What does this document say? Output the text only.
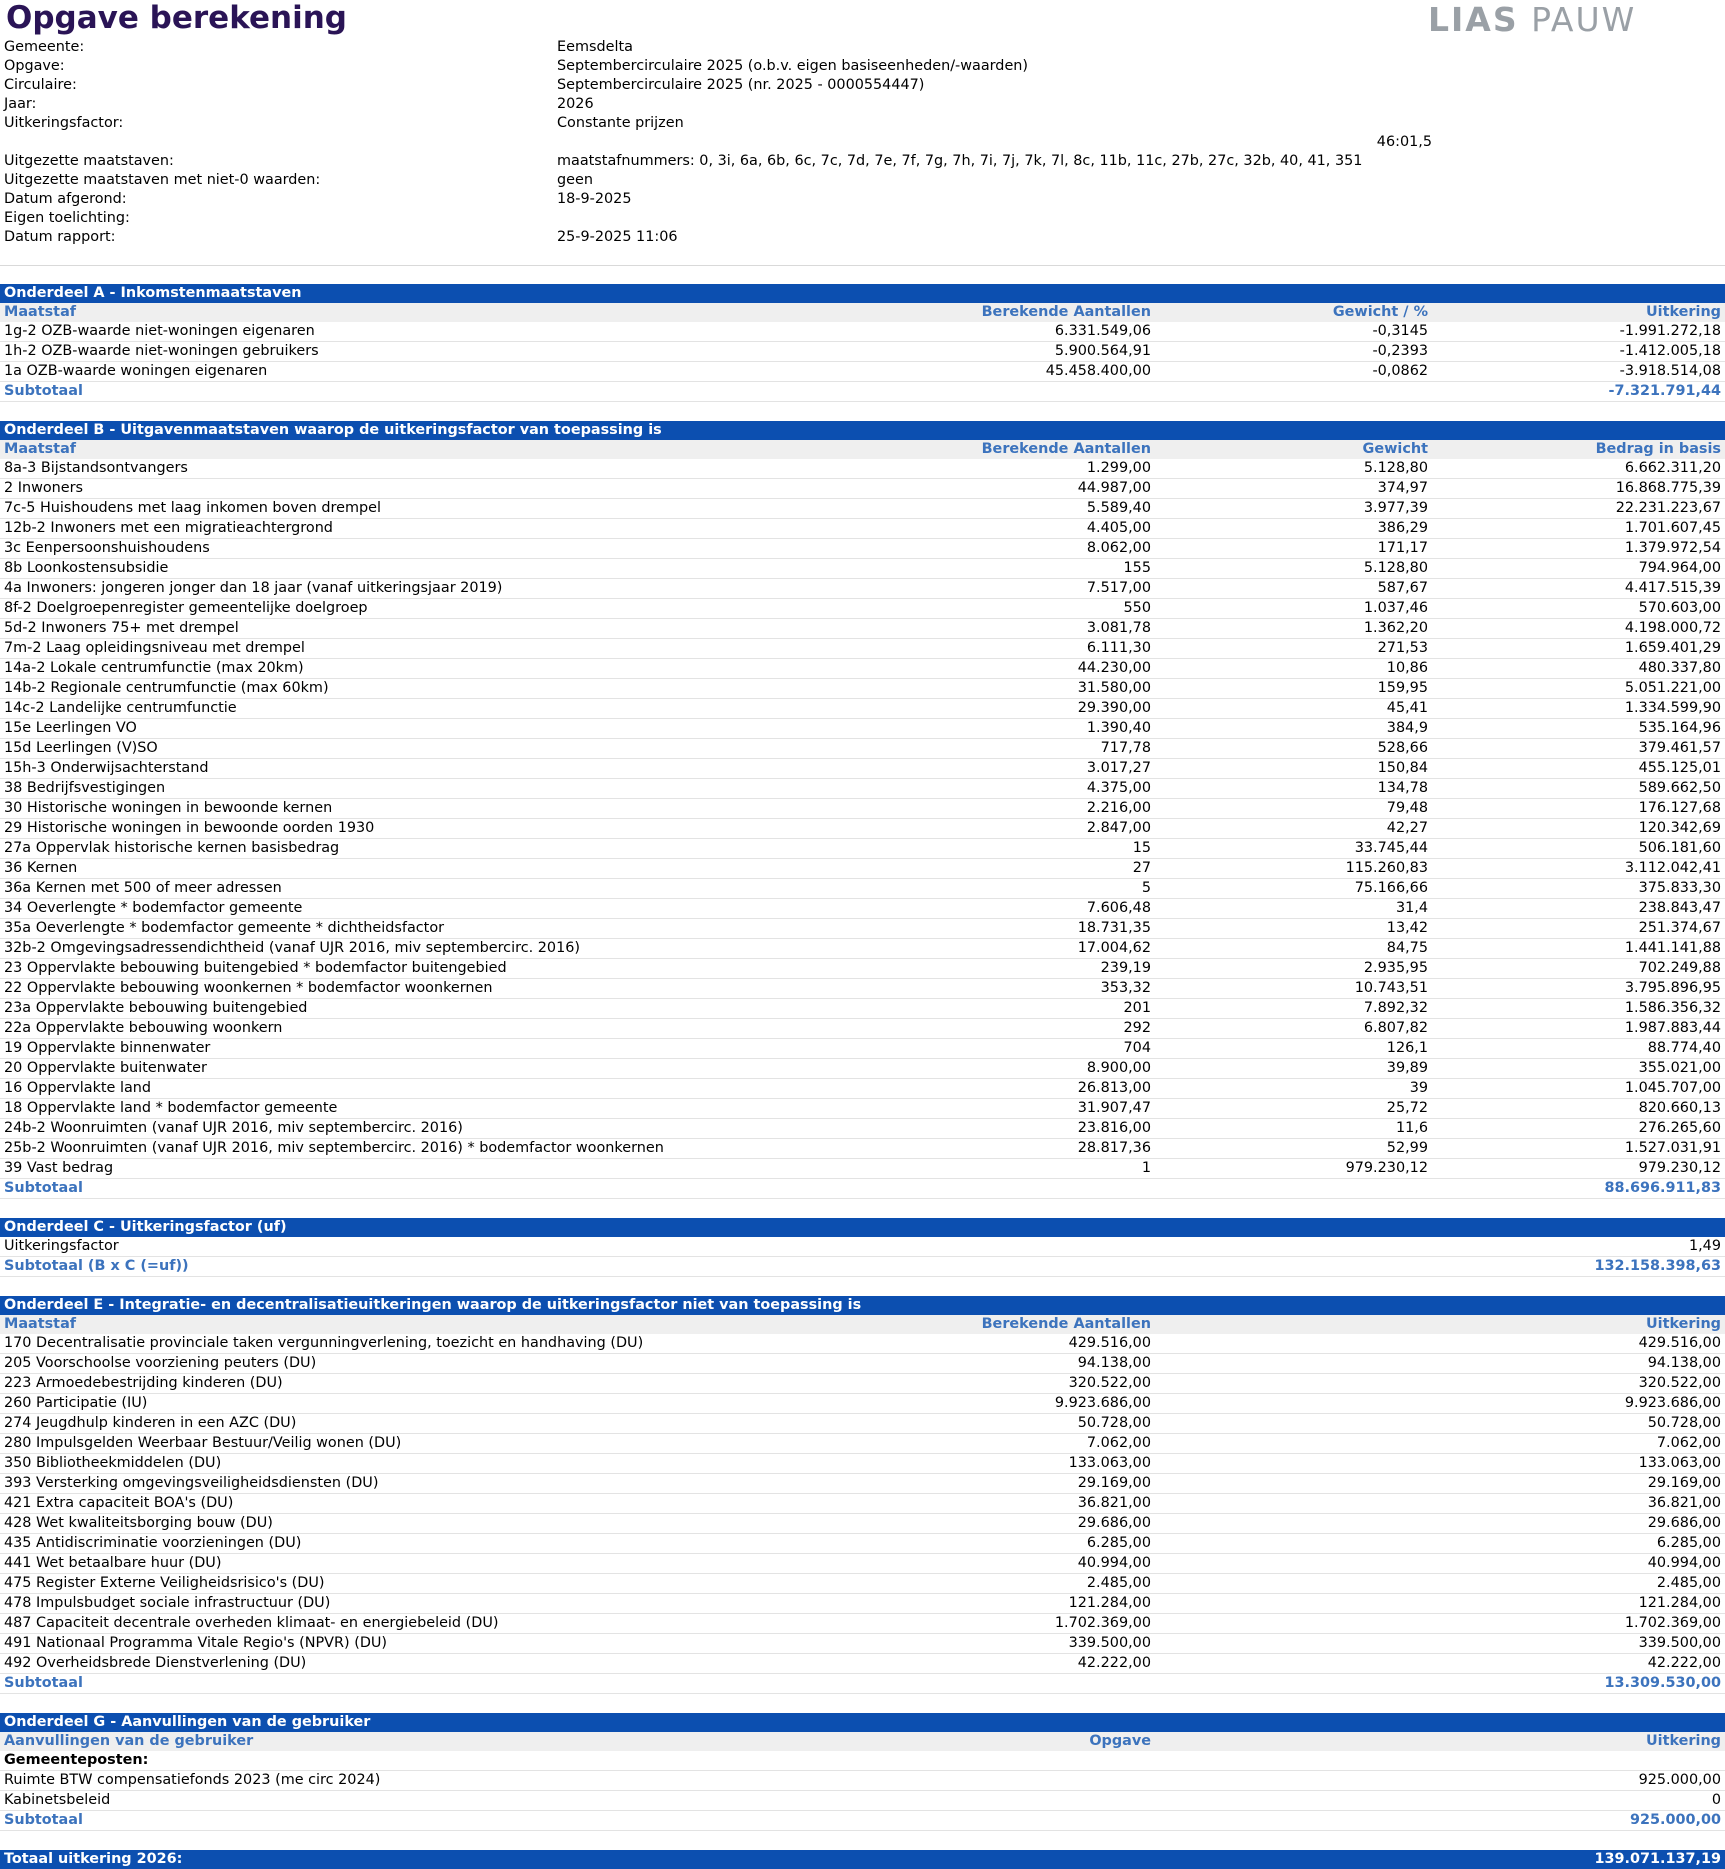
Opgave berekening	LIAS PAUW
Gemeente:	Eemsdelta
Opgave:	Septembercirculaire 2025 (o.b.v. eigen basiseenheden/-waarden)
Circulaire:	Septembercirculaire 2025 (nr. 2025 - 0000554447)
Jaar:	2026
Uitkeringsfactor:	Constante prijzen
46:01,5
Uitgezette maatstaven:	maatstafnummers: 0, 3i, 6a, 6b, 6c, 7c, 7d, 7e, 7f, 7g, 7h, 7i, 7j, 7k, 7l, 8c, 11b, 11c, 27b, 27c, 32b, 40, 41, 351
Uitgezette maatstaven met niet-0 waarden:	geen
Datum afgerond:	18-9-2025
Eigen toelichting:
Datum rapport:	25-9-2025 11:06
Onderdeel A - Inkomstenmaatstaven
Maatstaf	Berekende Aantallen	Gewicht / %	Uitkering
1g-2 OZB-waarde niet-woningen eigenaren	6.331.549,06	-0,3145	-1.991.272,18
1h-2 OZB-waarde niet-woningen gebruikers	5.900.564,91	-0,2393	-1.412.005,18
1a OZB-waarde woningen eigenaren	45.458.400,00	-0,0862	-3.918.514,08
Subtotaal	-7.321.791,44
Onderdeel B - Uitgavenmaatstaven waarop de uitkeringsfactor van toepassing is
Maatstaf	Berekende Aantallen	Gewicht	Bedrag in basis
8a-3 Bijstandsontvangers	1.299,00	5.128,80	6.662.311,20
2 Inwoners	44.987,00	374,97	16.868.775,39
7c-5 Huishoudens met laag inkomen boven drempel	5.589,40	3.977,39	22.231.223,67
12b-2 Inwoners met een migratieachtergrond	4.405,00	386,29	1.701.607,45
3c Eenpersoonshuishoudens	8.062,00	171,17	1.379.972,54
8b Loonkostensubsidie	155	5.128,80	794.964,00
4a Inwoners: jongeren jonger dan 18 jaar (vanaf uitkeringsjaar 2019)	7.517,00	587,67	4.417.515,39
8f-2 Doelgroepenregister gemeentelijke doelgroep	550	1.037,46	570.603,00
5d-2 Inwoners 75+ met drempel	3.081,78	1.362,20	4.198.000,72
7m-2 Laag opleidingsniveau met drempel	6.111,30	271,53	1.659.401,29
14a-2 Lokale centrumfunctie (max 20km)	44.230,00	10,86	480.337,80
14b-2 Regionale centrumfunctie (max 60km)	31.580,00	159,95	5.051.221,00
14c-2 Landelijke centrumfunctie	29.390,00	45,41	1.334.599,90
15e Leerlingen VO	1.390,40	384,9	535.164,96
15d Leerlingen (V)SO	717,78	528,66	379.461,57
15h-3 Onderwijsachterstand	3.017,27	150,84	455.125,01
38 Bedrijfsvestigingen	4.375,00	134,78	589.662,50
30 Historische woningen in bewoonde kernen	2.216,00	79,48	176.127,68
29 Historische woningen in bewoonde oorden 1930	2.847,00	42,27	120.342,69
27a Oppervlak historische kernen basisbedrag	15	33.745,44	506.181,60
36 Kernen	27	115.260,83	3.112.042,41
36a Kernen met 500 of meer adressen	5	75.166,66	375.833,30
34 Oeverlengte * bodemfactor gemeente	7.606,48	31,4	238.843,47
35a Oeverlengte * bodemfactor gemeente * dichtheidsfactor	18.731,35	13,42	251.374,67
32b-2 Omgevingsadressendichtheid (vanaf UJR 2016, miv septembercirc. 2016)	17.004,62	84,75	1.441.141,88
23 Oppervlakte bebouwing buitengebied * bodemfactor buitengebied	239,19	2.935,95	702.249,88
22 Oppervlakte bebouwing woonkernen * bodemfactor woonkernen	353,32	10.743,51	3.795.896,95
23a Oppervlakte bebouwing buitengebied	201	7.892,32	1.586.356,32
22a Oppervlakte bebouwing woonkern	292	6.807,82	1.987.883,44
19 Oppervlakte binnenwater	704	126,1	88.774,40
20 Oppervlakte buitenwater	8.900,00	39,89	355.021,00
16 Oppervlakte land	26.813,00	39	1.045.707,00
18 Oppervlakte land * bodemfactor gemeente	31.907,47	25,72	820.660,13
24b-2 Woonruimten (vanaf UJR 2016, miv septembercirc. 2016)	23.816,00	11,6	276.265,60
25b-2 Woonruimten (vanaf UJR 2016, miv septembercirc. 2016) * bodemfactor woonkernen	28.817,36	52,99	1.527.031,91
39 Vast bedrag	1	979.230,12	979.230,12
Subtotaal	88.696.911,83
Onderdeel C - Uitkeringsfactor (uf)
Uitkeringsfactor	1,49
Subtotaal (B x C (=uf))	132.158.398,63
Onderdeel E - Integratie- en decentralisatieuitkeringen waarop de uitkeringsfactor niet van toepassing is
Maatstaf	Berekende Aantallen	Uitkering
170 Decentralisatie provinciale taken vergunningverlening, toezicht en handhaving (DU)	429.516,00	429.516,00
205 Voorschoolse voorziening peuters (DU)	94.138,00	94.138,00
223 Armoedebestrijding kinderen (DU)	320.522,00	320.522,00
260 Participatie (IU)	9.923.686,00	9.923.686,00
274 Jeugdhulp kinderen in een AZC (DU)	50.728,00	50.728,00
280 Impulsgelden Weerbaar Bestuur/Veilig wonen (DU)	7.062,00	7.062,00
350 Bibliotheekmiddelen (DU)	133.063,00	133.063,00
393 Versterking omgevingsveiligheidsdiensten (DU)	29.169,00	29.169,00
421 Extra capaciteit BOA's (DU)	36.821,00	36.821,00
428 Wet kwaliteitsborging bouw (DU)	29.686,00	29.686,00
435 Antidiscriminatie voorzieningen (DU)	6.285,00	6.285,00
441 Wet betaalbare huur (DU)	40.994,00	40.994,00
475 Register Externe Veiligheidsrisico's (DU)	2.485,00	2.485,00
478 Impulsbudget sociale infrastructuur (DU)	121.284,00	121.284,00
487 Capaciteit decentrale overheden klimaat- en energiebeleid (DU)	1.702.369,00	1.702.369,00
491 Nationaal Programma Vitale Regio's (NPVR) (DU)	339.500,00	339.500,00
492 Overheidsbrede Dienstverlening (DU)	42.222,00	42.222,00
Subtotaal	13.309.530,00
Onderdeel G - Aanvullingen van de gebruiker
Aanvullingen van de gebruiker	Opgave	Uitkering
Gemeenteposten:
Ruimte BTW compensatiefonds 2023 (me circ 2024)	925.000,00
Kabinetsbeleid	0
Subtotaal	925.000,00
Totaal uitkering 2026:	139.071.137,19
